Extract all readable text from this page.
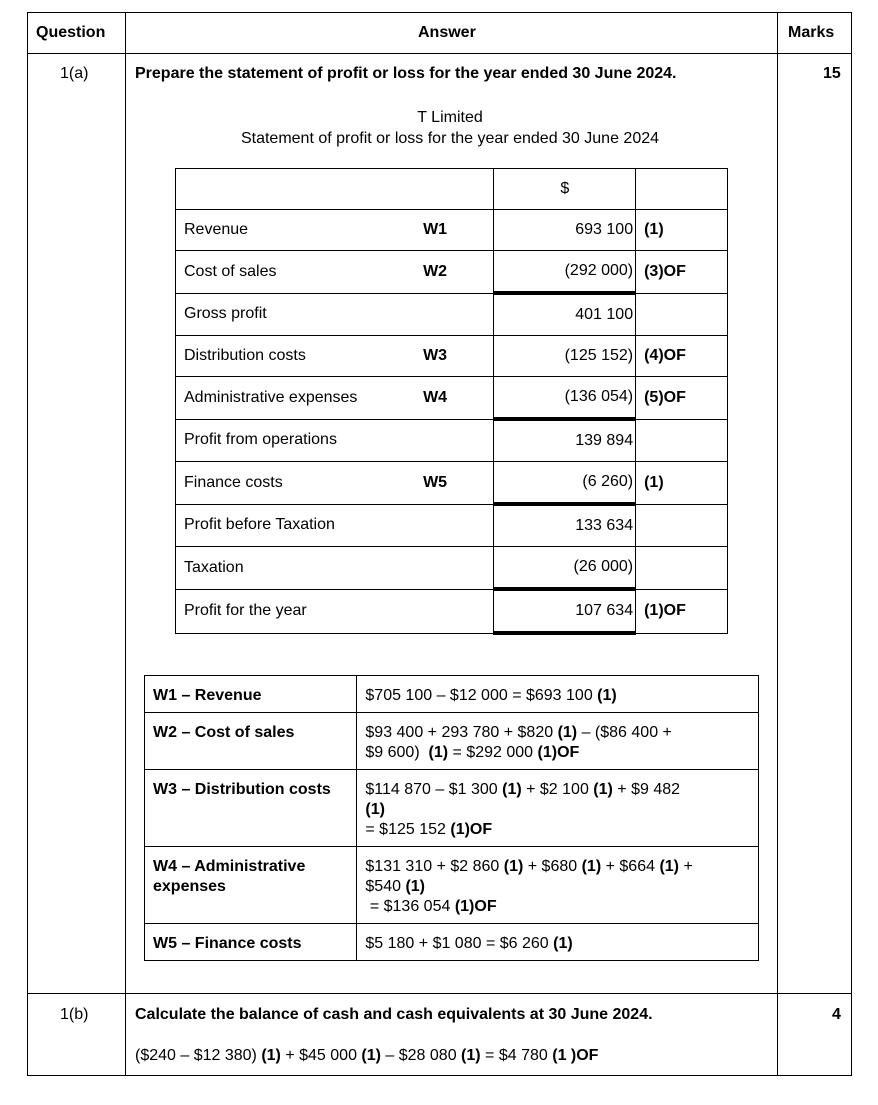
Question	Answer	Marks
1(a)	Prepare the statement of profit or loss for the year ended 30 June 2024.	15
T Limited
Statement of profit or loss for the year ended 30 June 2024
		$	
Revenue	W1	693 100	(1)
Cost of sales	W2	(292 000)	(3)OF
Gross profit		401 100	
Distribution costs	W3	(125 152)	(4)OF
Administrative expenses	W4	(136 054)	(5)OF
Profit from operations		139 894	
Finance costs	W5	(6 260)	(1)
Profit before Taxation		133 634	
Taxation		(26 000)	
Profit for the year		107 634	(1)OF
W1 – Revenue	$705 100 – $12 000 = $693 100 (1)

W2 – Cost of sales	$93 400 + 293 780 + $820 (1) – ($86 400 +
$9 600)  (1) = $292 000 (1)OF

W3 – Distribution costs	$114 870 – $1 300 (1) + $2 100 (1) + $9 482
(1)
= $125 152 (1)OF

W4 – Administrative expenses	$131 310 + $2 860 (1) + $680 (1) + $664 (1) +
$540 (1)
= $136 054 (1)OF

W5 – Finance costs	$5 180 + $1 080 = $6 260 (1)
1(b)	Calculate the balance of cash and cash equivalents at 30 June 2024.	4
($240 – $12 380) (1) + $45 000 (1) – $28 080 (1) = $4 780 (1 )OF
